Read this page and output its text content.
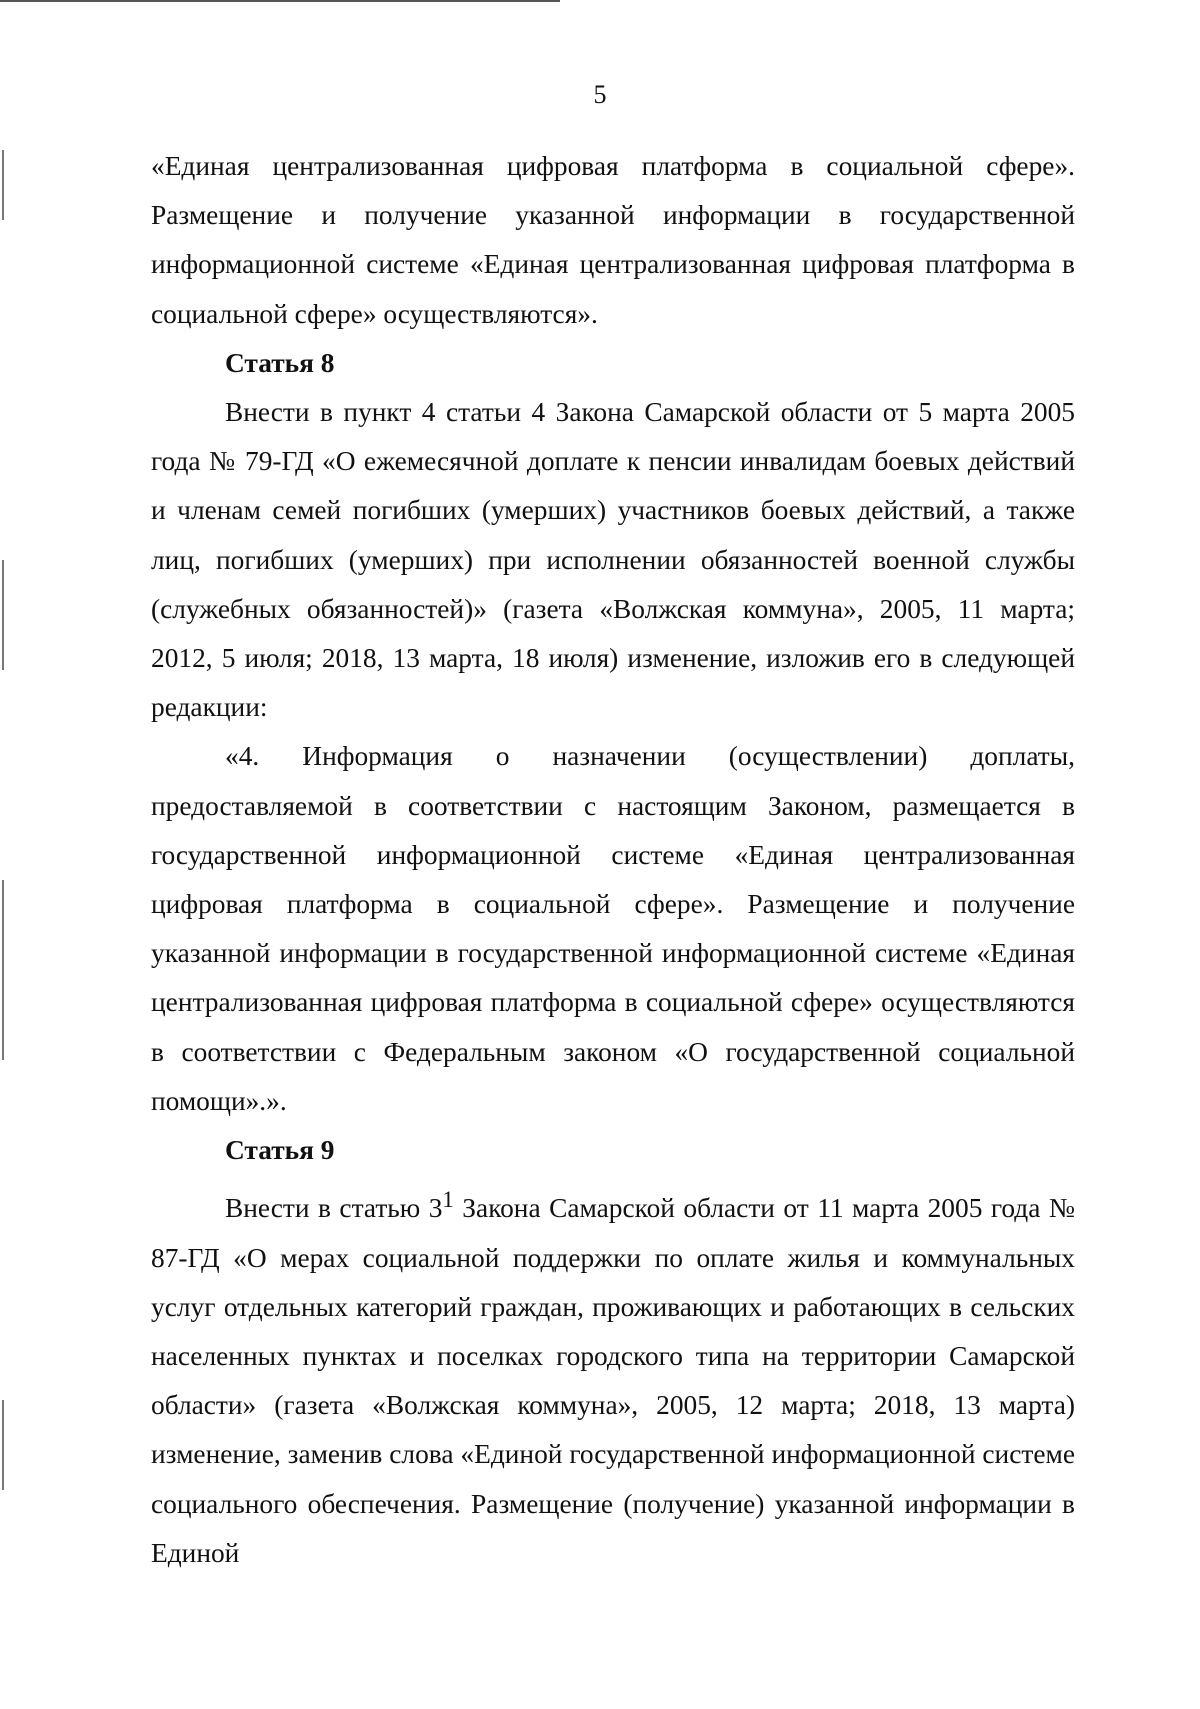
5

«Единая централизованная цифровая платформа в социальной сфере». Размещение и получение указанной информации в государственной информационной системе «Единая централизованная цифровая платформа в социальной сфере» осуществляются».

Статья 8

Внести в пункт 4 статьи 4 Закона Самарской области от 5 марта 2005 года № 79-ГД «О ежемесячной доплате к пенсии инвалидам боевых действий и членам семей погибших (умерших) участников боевых действий, а также лиц, погибших (умерших) при исполнении обязанностей военной службы (служебных обязанностей)» (газета «Волжская коммуна», 2005, 11 марта; 2012, 5 июля; 2018, 13 марта, 18 июля) изменение, изложив его в следующей редакции:

«4. Информация о назначении (осуществлении) доплаты, предоставляемой в соответствии с настоящим Законом, размещается в государственной информационной системе «Единая централизованная цифровая платформа в социальной сфере». Размещение и получение указанной информации в государственной информационной системе «Единая централизованная цифровая платформа в социальной сфере» осуществляются в соответствии с Федеральным законом «О государственной социальной помощи».».

Статья 9

Внести в статью $3^1$ Закона Самарской области от 11 марта 2005 года № 87-ГД «О мерах социальной поддержки по оплате жилья и коммунальных услуг отдельных категорий граждан, проживающих и работающих в сельских населенных пунктах и поселках городского типа на территории Самарской области» (газета «Волжская коммуна», 2005, 12 марта; 2018, 13 марта) изменение, заменив слова «Единой государственной информационной системе социального обеспечения. Размещение (получение) указанной информации в Единой
